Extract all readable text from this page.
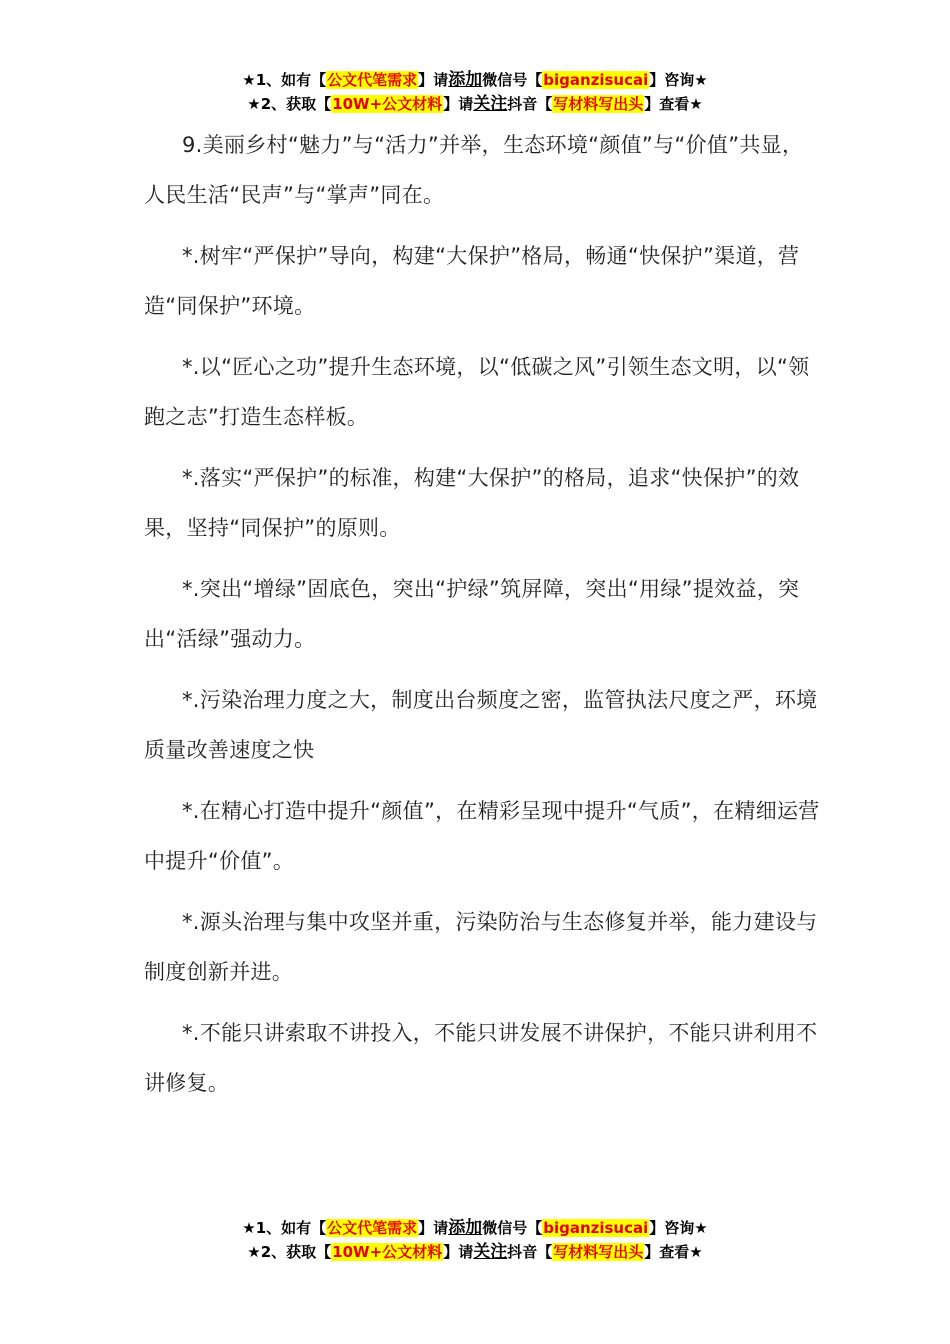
★1、如有【公文代笔需求】请添加微信号【biganzisucai】咨询★
★2、获取【10W+公文材料】请关注抖音【写材料写出头】查看★

9.美丽乡村“魅力”与“活力”并举，生态环境“颜值”与“价值”共显，人民生活“民声”与“掌声”同在。

*.树牢“严保护”导向，构建“大保护”格局，畅通“快保护”渠道，营造“同保护”环境。

*.以“匠心之功”提升生态环境，以“低碳之风”引领生态文明，以“领跑之志”打造生态样板。

*.落实“严保护”的标准，构建“大保护”的格局，追求“快保护”的效果，坚持“同保护”的原则。

*.突出“增绿”固底色，突出“护绿”筑屏障，突出“用绿”提效益，突出“活绿”强动力。

*.污染治理力度之大，制度出台频度之密，监管执法尺度之严，环境质量改善速度之快

*.在精心打造中提升“颜值”，在精彩呈现中提升“气质”，在精细运营中提升“价值”。

*.源头治理与集中攻坚并重，污染防治与生态修复并举，能力建设与制度创新并进。

*.不能只讲索取不讲投入，不能只讲发展不讲保护，不能只讲利用不讲修复。

★1、如有【公文代笔需求】请添加微信号【biganzisucai】咨询★
★2、获取【10W+公文材料】请关注抖音【写材料写出头】查看★
